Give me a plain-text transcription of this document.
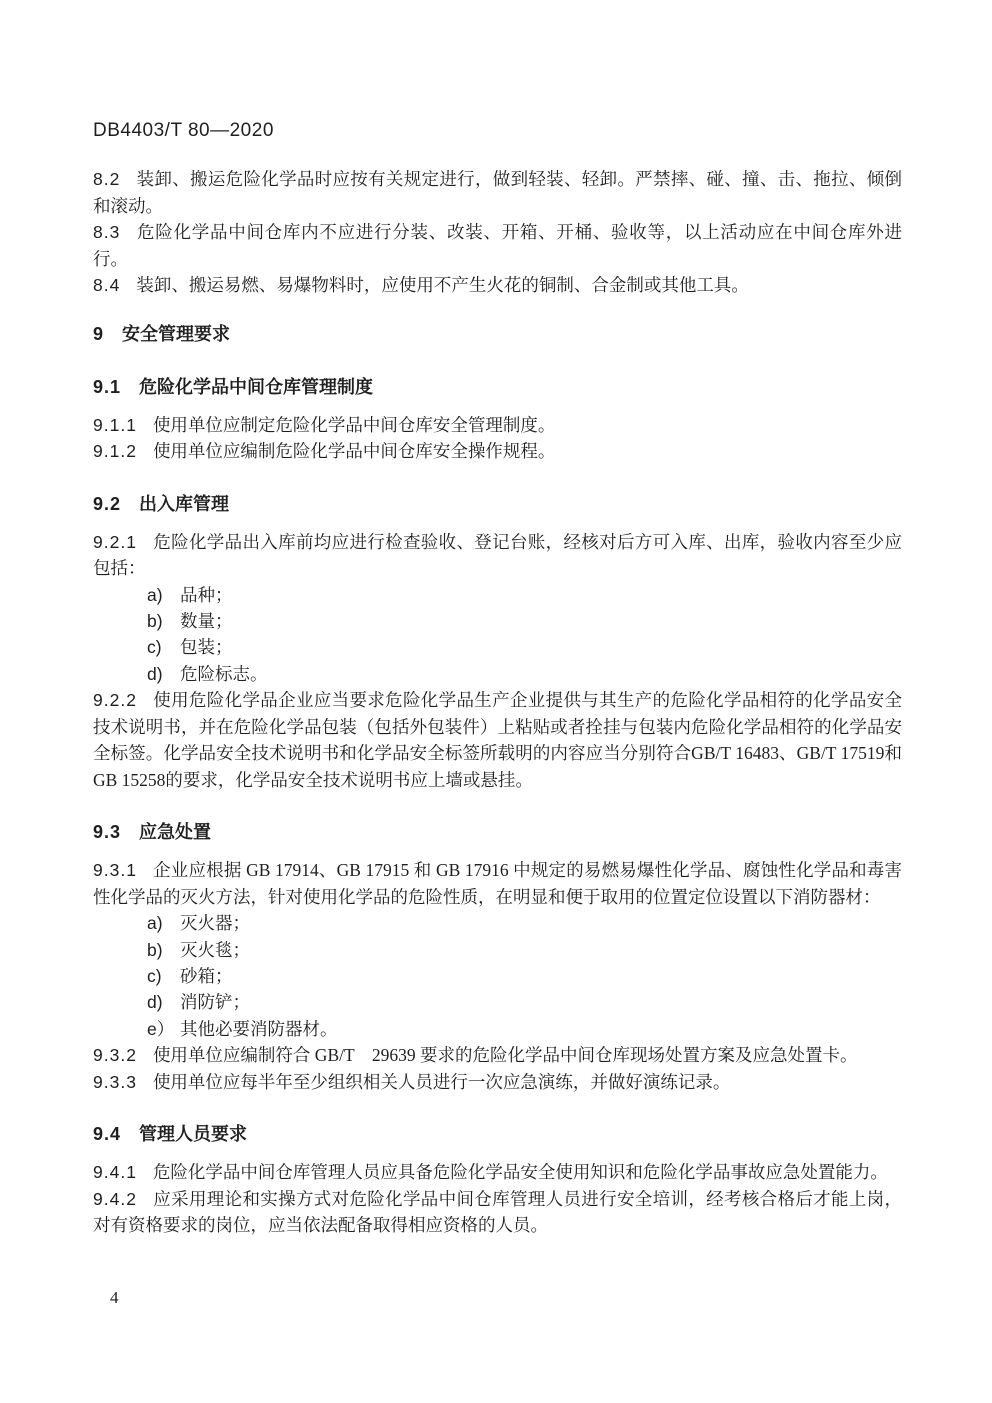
DB4403/T 80—2020

8.2 装卸、搬运危险化学品时应按有关规定进行，做到轻装、轻卸。严禁摔、碰、撞、击、拖拉、倾倒和滚动。

8.3 危险化学品中间仓库内不应进行分装、改装、开箱、开桶、验收等，以上活动应在中间仓库外进行。

8.4 装卸、搬运易燃、易爆物料时，应使用不产生火花的铜制、合金制或其他工具。

9 安全管理要求
9.1 危险化学品中间仓库管理制度

9.1.1 使用单位应制定危险化学品中间仓库安全管理制度。

9.1.2 使用单位应编制危险化学品中间仓库安全操作规程。

9.2 出入库管理

9.2.1 危险化学品出入库前均应进行检查验收、登记台账，经核对后方可入库、出库，验收内容至少应包括：

a) 品种；
b) 数量；
c) 包装；
d) 危险标志。

9.2.2 使用危险化学品企业应当要求危险化学品生产企业提供与其生产的危险化学品相符的化学品安全技术说明书，并在危险化学品包装（包括外包装件）上粘贴或者拴挂与包装内危险化学品相符的化学品安全标签。化学品安全技术说明书和化学品安全标签所载明的内容应当分别符合GB/T 16483、GB/T 17519和GB 15258的要求，化学品安全技术说明书应上墙或悬挂。

9.3 应急处置

9.3.1 企业应根据 GB 17914、GB 17915 和 GB 17916 中规定的易燃易爆性化学品、腐蚀性化学品和毒害性化学品的灭火方法，针对使用化学品的危险性质，在明显和便于取用的位置定位设置以下消防器材：

a) 灭火器；
b) 灭火毯；
c) 砂箱；
d) 消防铲；
e） 其他必要消防器材。

9.3.2 使用单位应编制符合 GB/T　29639 要求的危险化学品中间仓库现场处置方案及应急处置卡。

9.3.3 使用单位应每半年至少组织相关人员进行一次应急演练，并做好演练记录。

9.4 管理人员要求

9.4.1 危险化学品中间仓库管理人员应具备危险化学品安全使用知识和危险化学品事故应急处置能力。

9.4.2 应采用理论和实操方式对危险化学品中间仓库管理人员进行安全培训，经考核合格后才能上岗，对有资格要求的岗位，应当依法配备取得相应资格的人员。

4
